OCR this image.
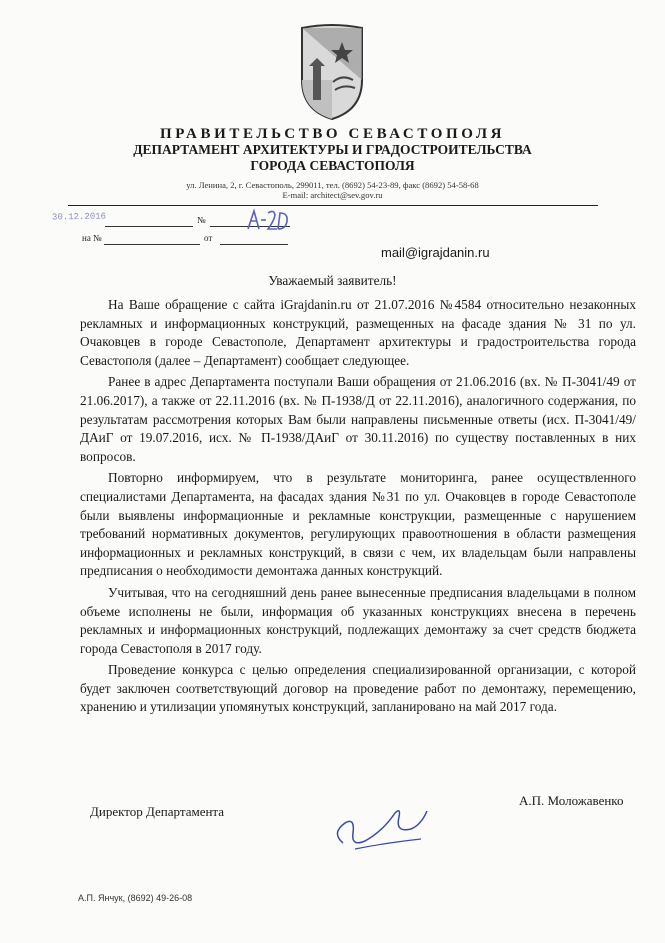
ПРАВИТЕЛЬСТВО СЕВАСТОПОЛЯ
ДЕПАРТАМЕНТ АРХИТЕКТУРЫ И ГРАДОСТРОИТЕЛЬСТВА
ГОРОДА СЕВАСТОПОЛЯ
ул. Ленина, 2, г. Севастополь, 299011, тел. (8692) 54-23-89, факс (8692) 54-58-68
E-mail: architect@sev.gov.ru
30.12.2016	№
на №	от
mail@igrajdanin.ru
Уважаемый заявитель!

На Ваше обращение с сайта iGrajdanin.ru от 21.07.2016 №4584 относительно незаконных рекламных и информационных конструкций, размещенных на фасаде здания № 31 по ул. Очаковцев в городе Севастополе, Департамент архитектуры и градостроительства города Севастополя (далее – Департамент) сообщает следующее.

Ранее в адрес Департамента поступали Ваши обращения от 21.06.2016 (вх. № П-3041/49 от 21.06.2017), а также от 22.11.2016 (вх. № П-1938/Д от 22.11.2016), аналогичного содержания, по результатам рассмотрения которых Вам были направлены письменные ответы (исх. П-3041/49/ДАиГ от 19.07.2016, исх. № П-1938/ДАиГ от 30.11.2016) по существу поставленных в них вопросов.

Повторно информируем, что в результате мониторинга, ранее осуществленного специалистами Департамента, на фасадах здания №31 по ул. Очаковцев в городе Севастополе были выявлены информационные и рекламные конструкции, размещенные с нарушением требований нормативных документов, регулирующих правоотношения в области размещения информационных и рекламных конструкций, в связи с чем, их владельцам были направлены предписания о необходимости демонтажа данных конструкций.

Учитывая, что на сегодняшний день ранее вынесенные предписания владельцами в полном объеме исполнены не были, информация об указанных конструкциях внесена в перечень рекламных и информационных конструкций, подлежащих демонтажу за счет средств бюджета города Севастополя в 2017 году.

Проведение конкурса с целью определения специализированной организации, с которой будет заключен соответствующий договор на проведение работ по демонтажу, перемещению, хранению и утилизации упомянутых конструкций, запланировано на май 2017 года.

Директор Департамента
А.П. Моложавенко
А.П. Янчук, (8692) 49-26-08
